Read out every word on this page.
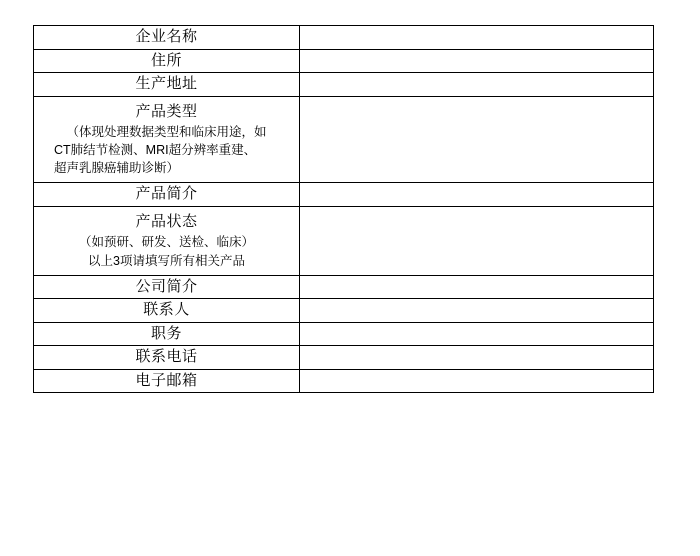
企业名称	

住所	

生产地址	

产品类型
（体现处理数据类型和临床用途，如
CT肺结节检测、MRI超分辨率重建、
超声乳腺癌辅助诊断）	

产品简介	

产品状态
（如预研、研发、送检、临床）
以上3项请填写所有相关产品	

公司简介	

联系人	

职务	

联系电话	

电子邮箱	
